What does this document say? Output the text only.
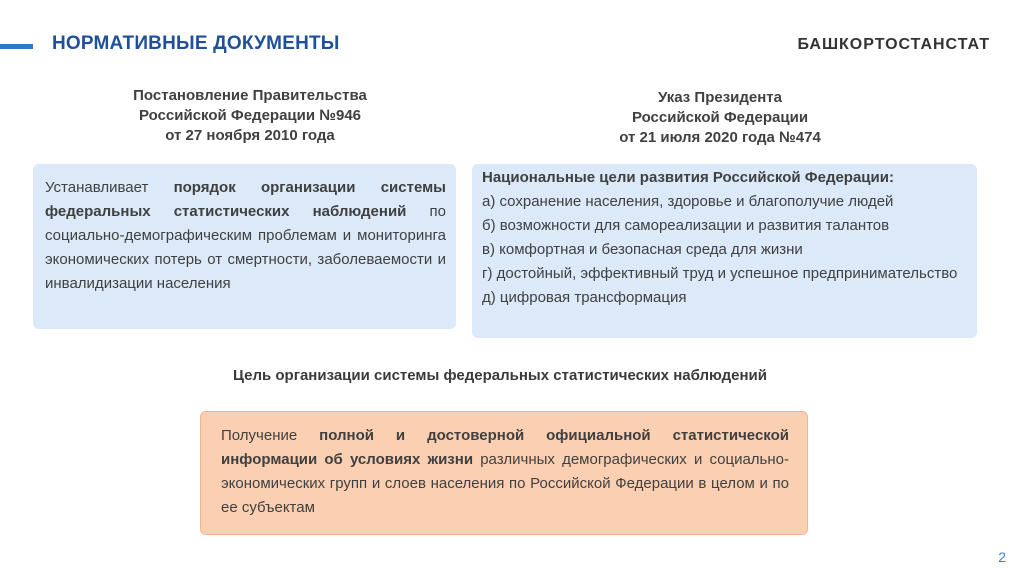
НОРМАТИВНЫЕ ДОКУМЕНТЫ	БАШКОРТОСТАНСТАТ
Постановление Правительства
Российской Федерации №946
от 27 ноября 2010 года
Указ Президента
Российской Федерации
от 21 июля 2020 года №474
Устанавливает порядок организации системы федеральных статистических наблюдений по социально-демографическим проблемам и мониторинга экономических потерь от смертности, заболеваемости и инвалидизации населения
Национальные цели развития Российской Федерации:
а) сохранение населения, здоровье и благополучие людей
б) возможности для самореализации и развития талантов
в) комфортная и безопасная среда для жизни
г) достойный, эффективный труд и успешное предпринимательство
д) цифровая трансформация
Цель организации системы федеральных статистических наблюдений
Получение полной и достоверной официальной статистической информации об условиях жизни различных демографических и социально-экономических групп и слоев населения по Российской Федерации в целом и по ее субъектам
2
